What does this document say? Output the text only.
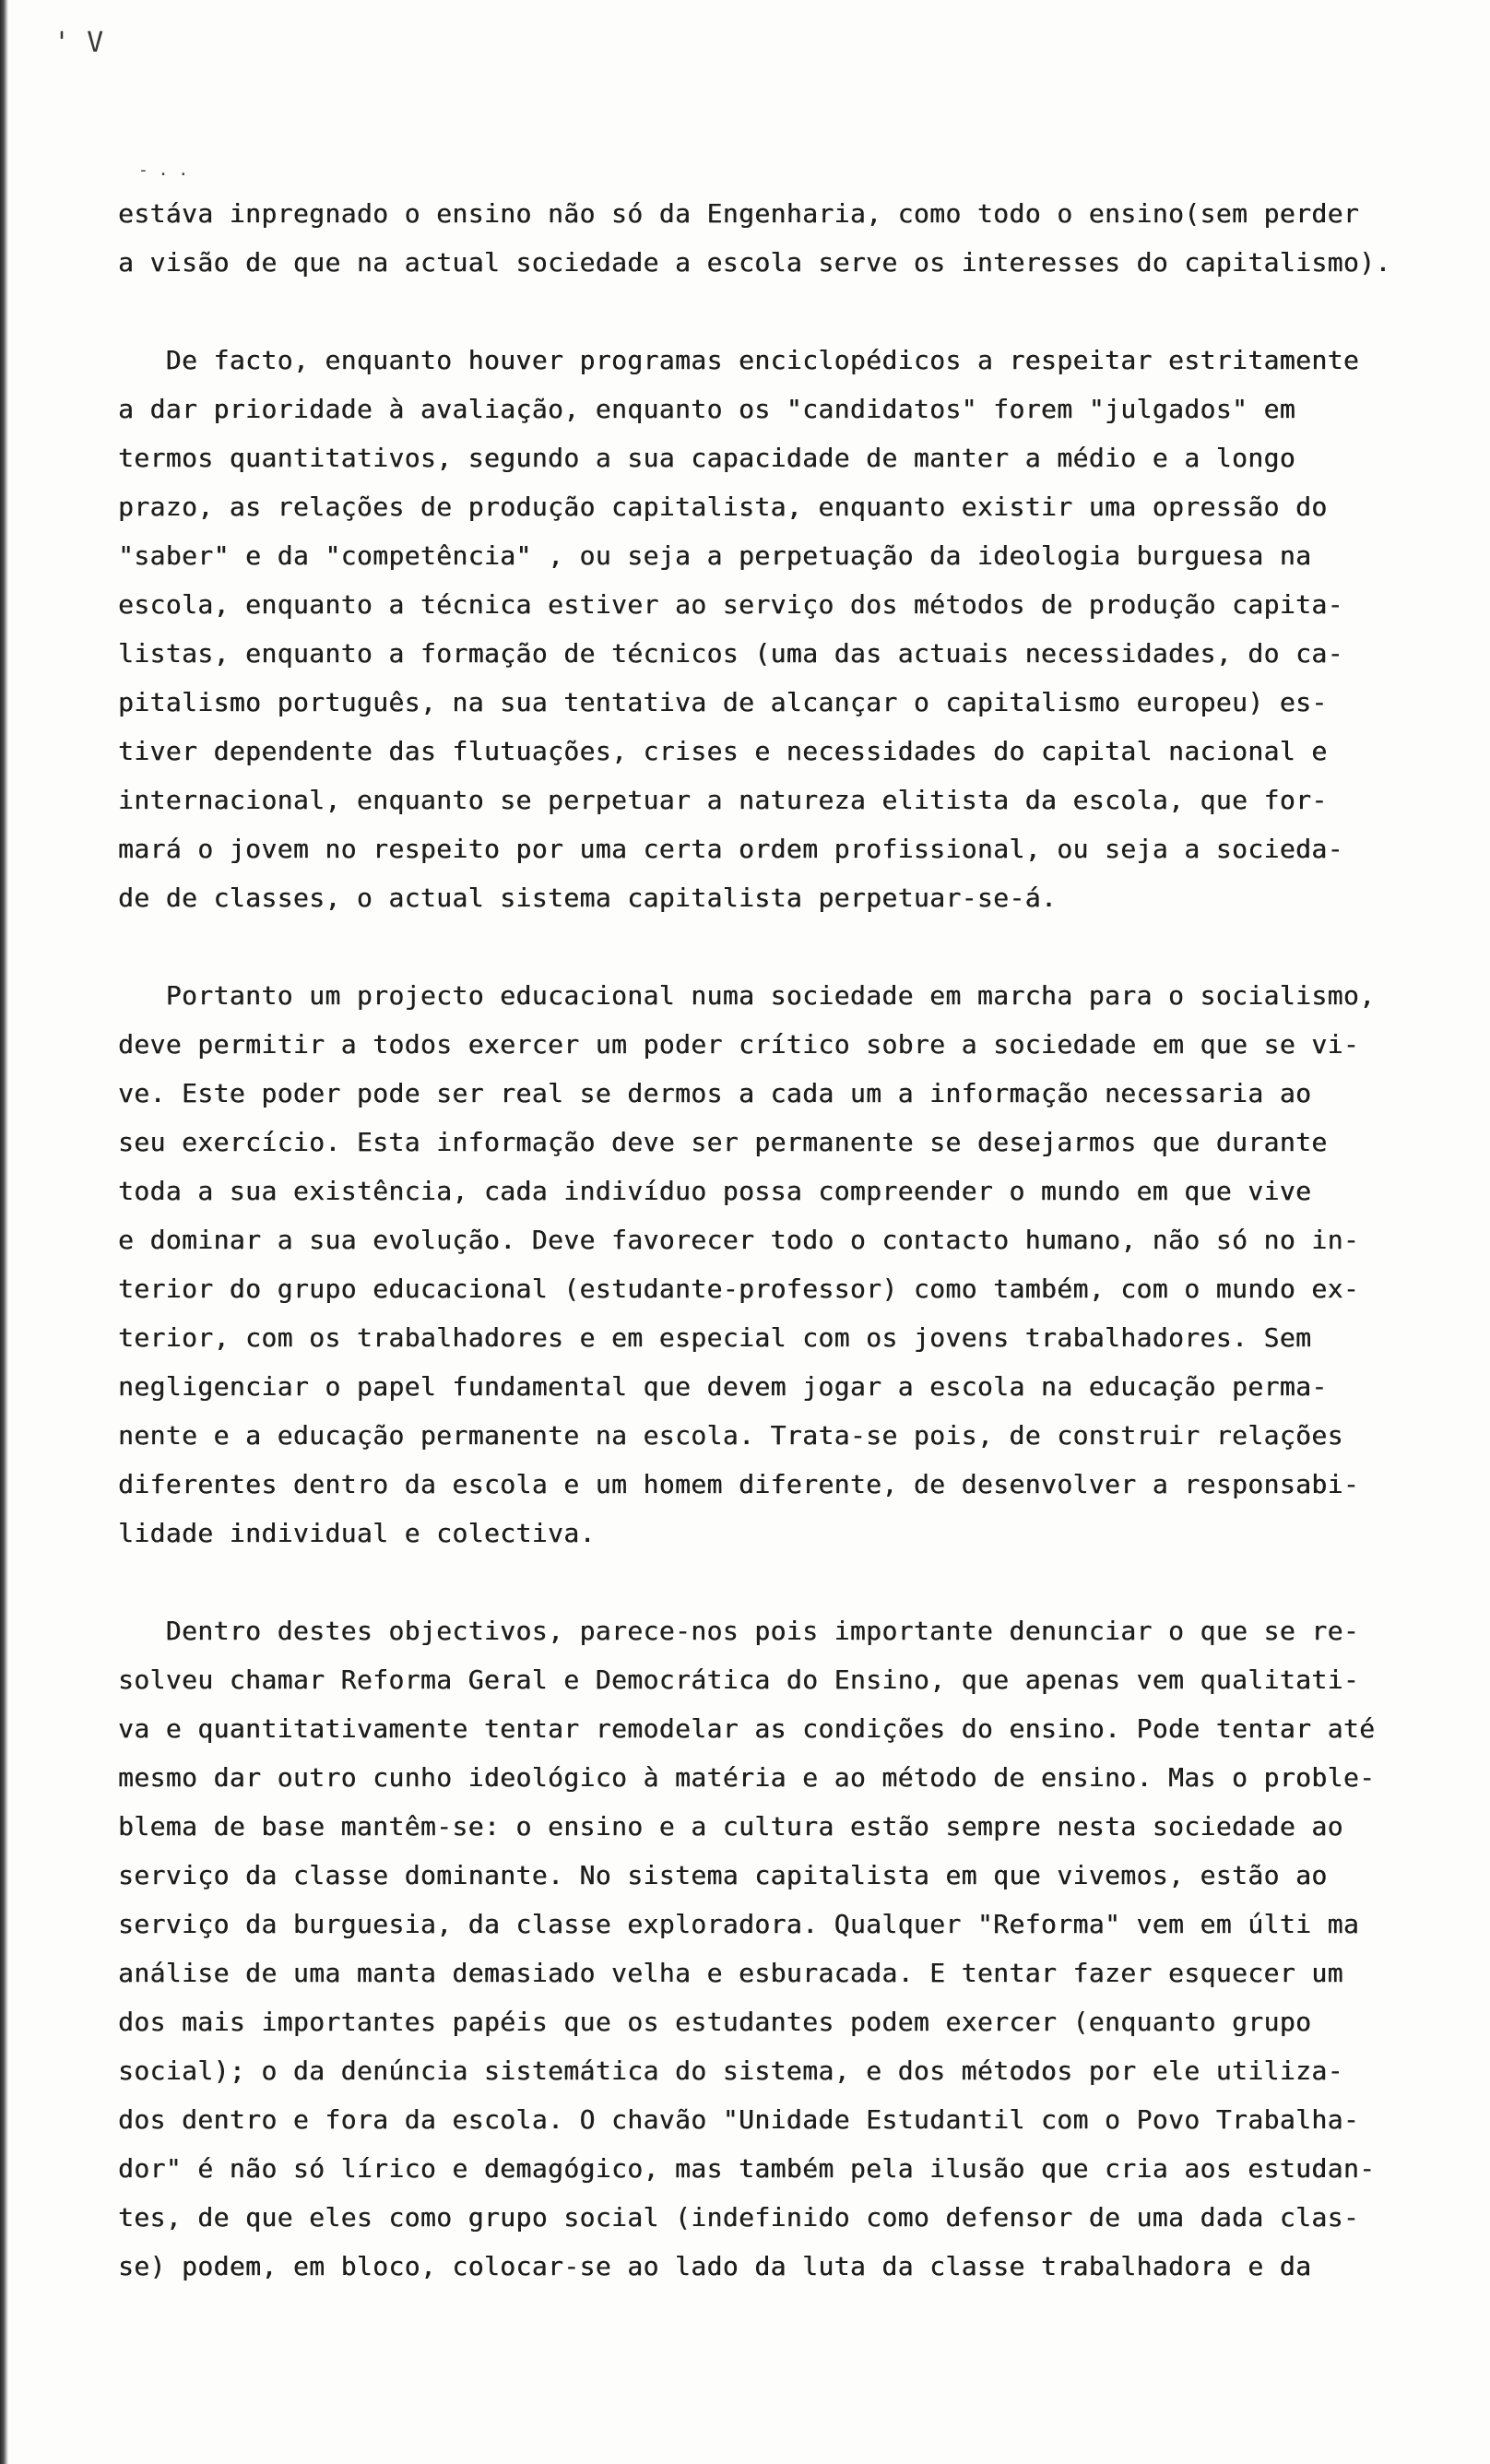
' V
- . .
estáva inpregnado o ensino não só da Engenharia, como todo o ensino(sem perder
a visão de que na actual sociedade a escola serve os interesses do capitalismo).
De facto, enquanto houver programas enciclopédicos a respeitar estritamente
a dar prioridade à avaliação, enquanto os "candidatos" forem "julgados" em
termos quantitativos, segundo a sua capacidade de manter a médio e a longo
prazo, as relações de produção capitalista, enquanto existir uma opressão do
"saber" e da "competência" , ou seja a perpetuação da ideologia burguesa na
escola, enquanto a técnica estiver ao serviço dos métodos de produção capita-
listas, enquanto a formação de técnicos (uma das actuais necessidades, do ca-
pitalismo português, na sua tentativa de alcançar o capitalismo europeu) es-
tiver dependente das flutuações, crises e necessidades do capital nacional e
internacional, enquanto se perpetuar a natureza elitista da escola, que for-
mará o jovem no respeito por uma certa ordem profissional, ou seja a socieda-
de de classes, o actual sistema capitalista perpetuar-se-á.
Portanto um projecto educacional numa sociedade em marcha para o socialismo,
deve permitir a todos exercer um poder crítico sobre a sociedade em que se vi-
ve. Este poder pode ser real se dermos a cada um a informação necessaria ao
seu exercício. Esta informação deve ser permanente se desejarmos que durante
toda a sua existência, cada indivíduo possa compreender o mundo em que vive
e dominar a sua evolução. Deve favorecer todo o contacto humano, não só no in-
terior do grupo educacional (estudante-professor) como também, com o mundo ex-
terior, com os trabalhadores e em especial com os jovens trabalhadores. Sem
negligenciar o papel fundamental que devem jogar a escola na educação perma-
nente e a educação permanente na escola. Trata-se pois, de construir relações
diferentes dentro da escola e um homem diferente, de desenvolver a responsabi-
lidade individual e colectiva.
Dentro destes objectivos, parece-nos pois importante denunciar o que se re-
solveu chamar Reforma Geral e Democrática do Ensino, que apenas vem qualitati-
va e quantitativamente tentar remodelar as condições do ensino. Pode tentar até
mesmo dar outro cunho ideológico à matéria e ao método de ensino. Mas o proble-
blema de base mantêm-se: o ensino e a cultura estão sempre nesta sociedade ao
serviço da classe dominante. No sistema capitalista em que vivemos, estão ao
serviço da burguesia, da classe exploradora. Qualquer "Reforma" vem em últi ma
análise de uma manta demasiado velha e esburacada. E tentar fazer esquecer um
dos mais importantes papéis que os estudantes podem exercer (enquanto grupo
social); o da denúncia sistemática do sistema, e dos métodos por ele utiliza-
dos dentro e fora da escola. O chavão "Unidade Estudantil com o Povo Trabalha-
dor" é não só lírico e demagógico, mas também pela ilusão que cria aos estudan-
tes, de que eles como grupo social (indefinido como defensor de uma dada clas-
se) podem, em bloco, colocar-se ao lado da luta da classe trabalhadora e da
